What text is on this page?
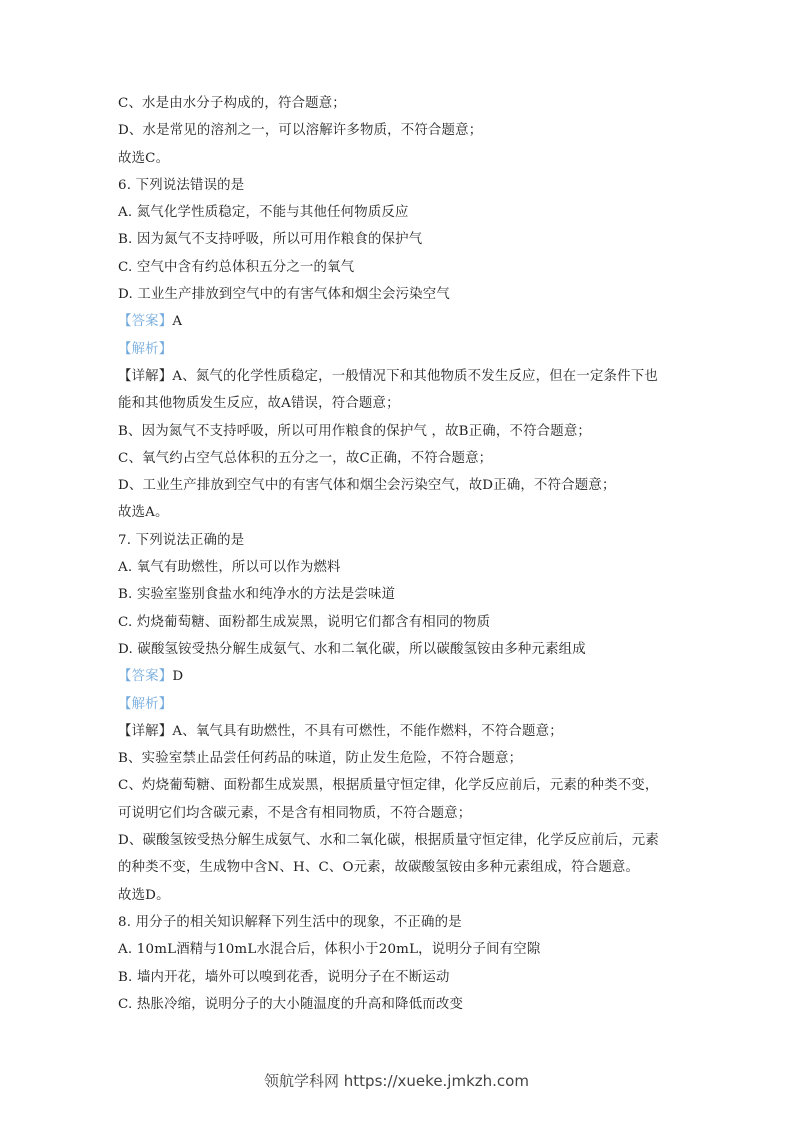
C、水是由水分子构成的，符合题意；
D、水是常见的溶剂之一，可以溶解许多物质，不符合题意；
故选C。
6. 下列说法错误的是
A. 氮气化学性质稳定，不能与其他任何物质反应
B. 因为氮气不支持呼吸，所以可用作粮食的保护气
C. 空气中含有约总体积五分之一的氧气
D. 工业生产排放到空气中的有害气体和烟尘会污染空气
【答案】A
【解析】
【详解】A、氮气的化学性质稳定，一般情况下和其他物质不发生反应，但在一定条件下也
能和其他物质发生反应，故A错误，符合题意；
B、因为氮气不支持呼吸，所以可用作粮食的保护气 ，故B正确，不符合题意；
C、氧气约占空气总体积的五分之一，故C正确，不符合题意；
D、工业生产排放到空气中的有害气体和烟尘会污染空气，故D正确，不符合题意；
故选A。
7. 下列说法正确的是
A. 氧气有助燃性，所以可以作为燃料
B. 实验室鉴别食盐水和纯净水的方法是尝味道
C. 灼烧葡萄糖、面粉都生成炭黑，说明它们都含有相同的物质
D. 碳酸氢铵受热分解生成氨气、水和二氧化碳，所以碳酸氢铵由多种元素组成
【答案】D
【解析】
【详解】A、氧气具有助燃性，不具有可燃性，不能作燃料，不符合题意；
B、实验室禁止品尝任何药品的味道，防止发生危险，不符合题意；
C、灼烧葡萄糖、面粉都生成炭黑，根据质量守恒定律，化学反应前后，元素的种类不变，
可说明它们均含碳元素，不是含有相同物质，不符合题意；
D、碳酸氢铵受热分解生成氨气、水和二氧化碳，根据质量守恒定律，化学反应前后，元素
的种类不变，生成物中含N、H、C、O元素，故碳酸氢铵由多种元素组成，符合题意。
故选D。
8. 用分子的相关知识解释下列生活中的现象，不正确的是
A. 10mL酒精与10mL水混合后，体积小于20mL，说明分子间有空隙
B. 墙内开花，墙外可以嗅到花香，说明分子在不断运动
C. 热胀冷缩，说明分子的大小随温度的升高和降低而改变
领航学科网 https://xueke.jmkzh.com
